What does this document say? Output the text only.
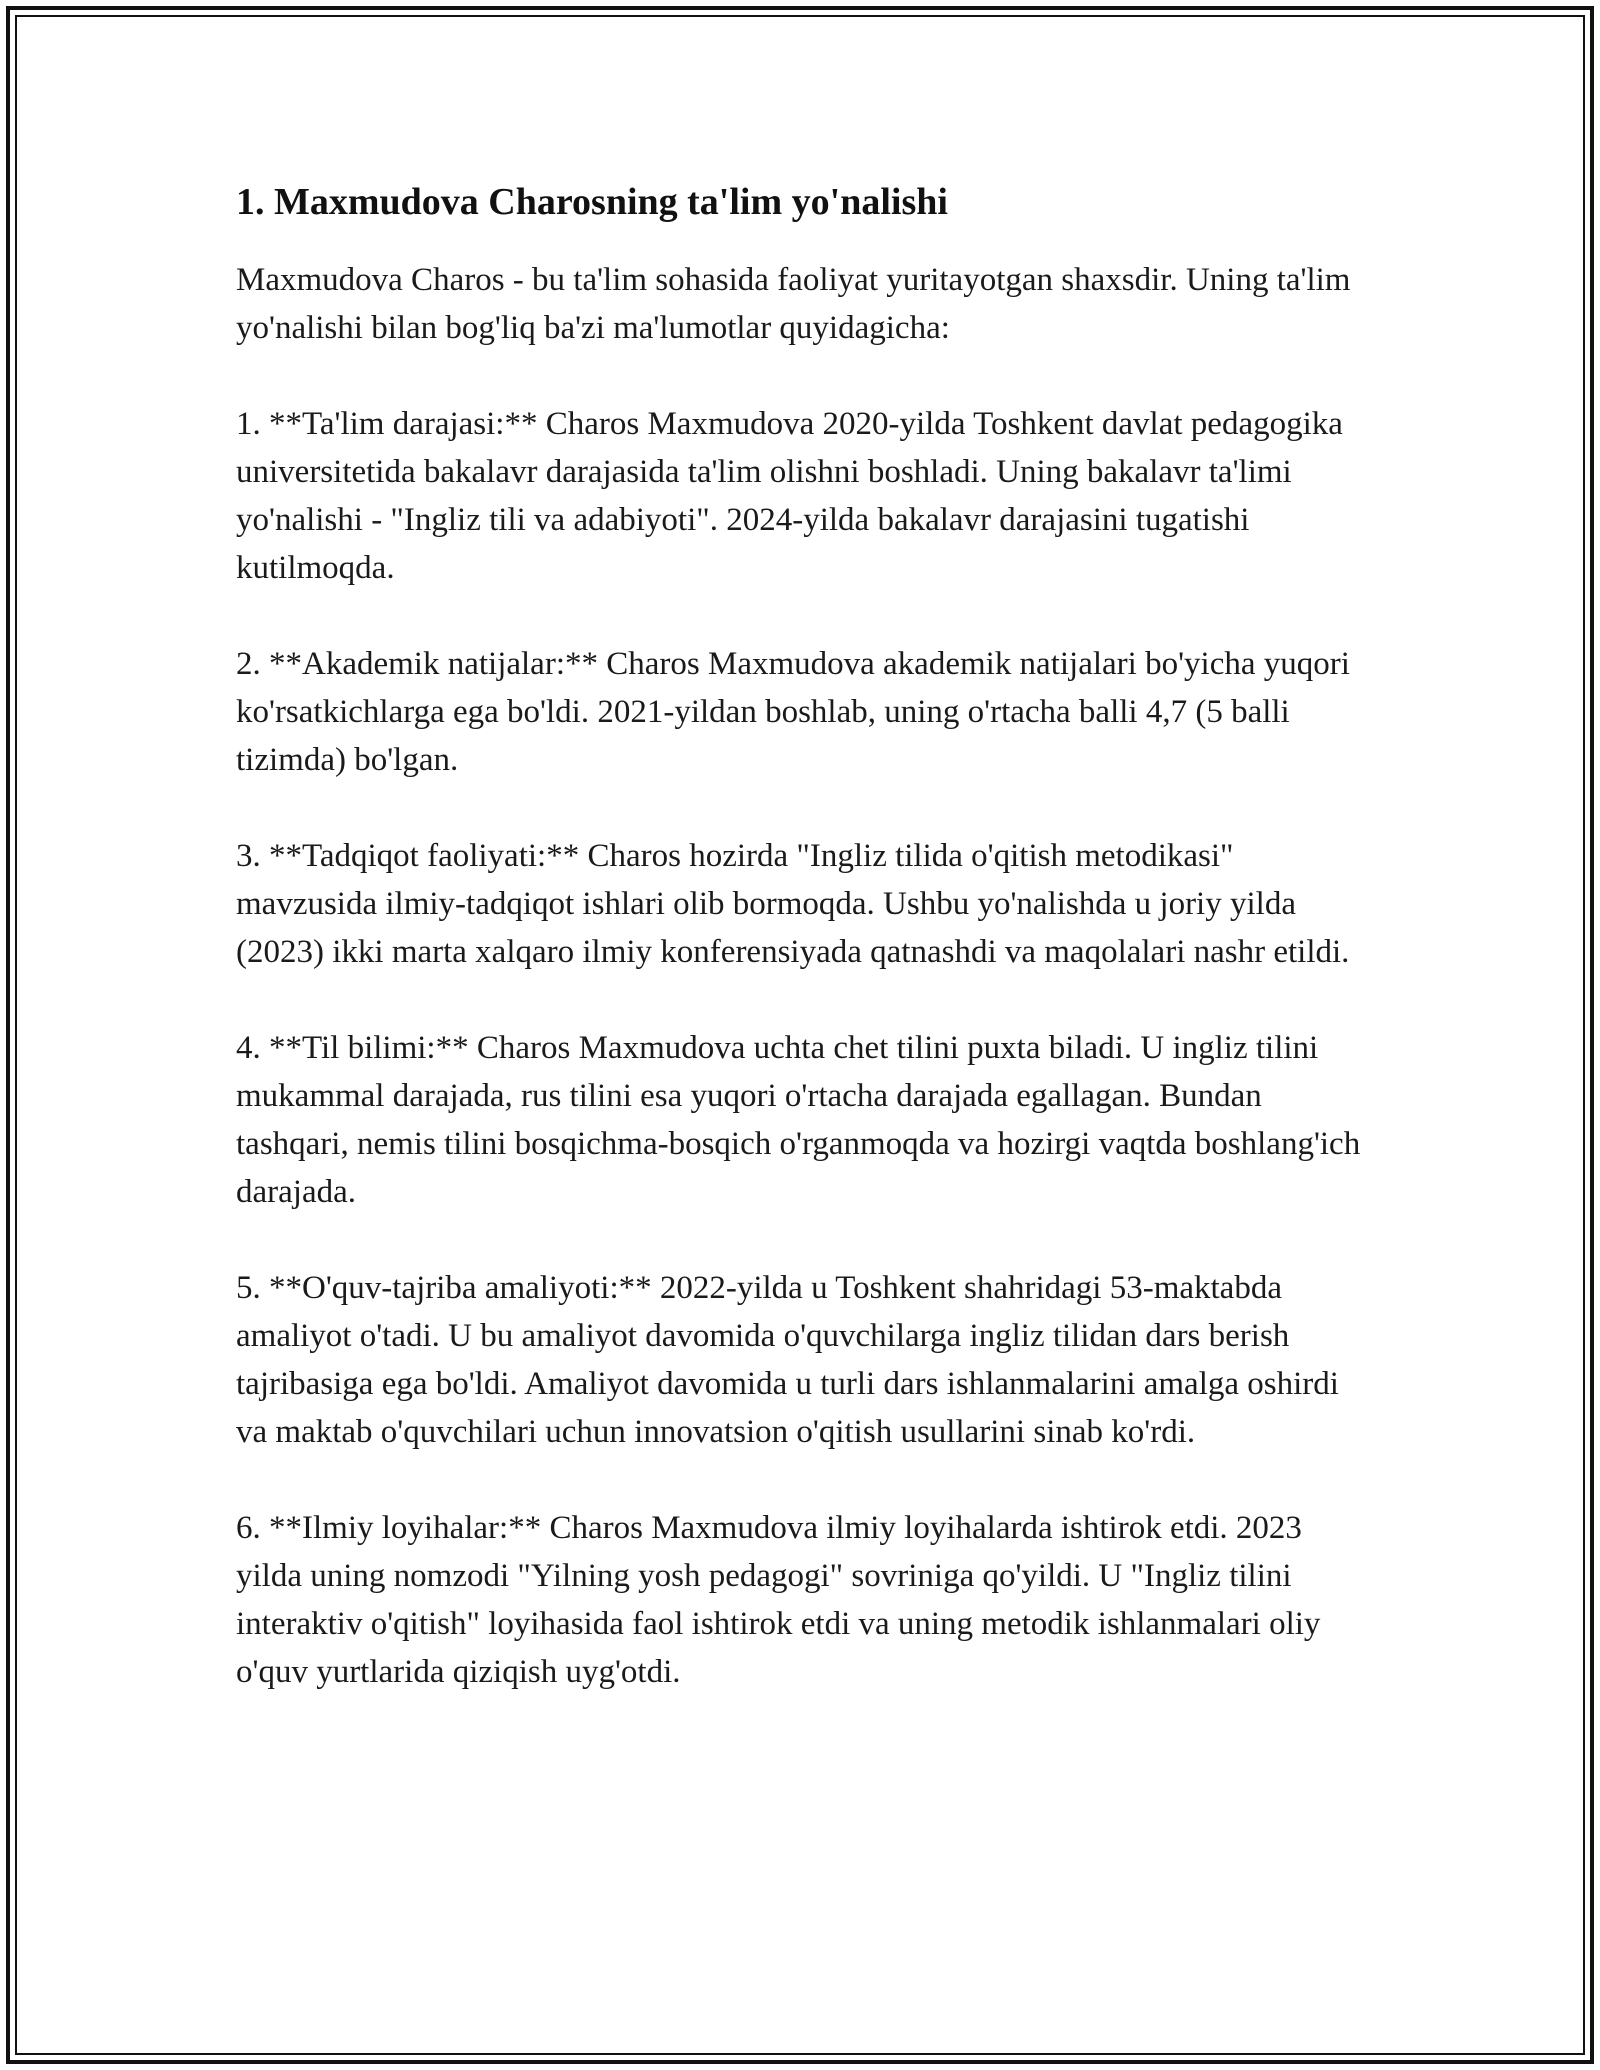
1. Maxmudova Charosning ta'lim yo'nalishi

Maxmudova Charos - bu ta'lim sohasida faoliyat yuritayotgan shaxsdir. Uning ta'lim yo'nalishi bilan bog'liq ba'zi ma'lumotlar quyidagicha:

1. **Ta'lim darajasi:** Charos Maxmudova 2020-yilda Toshkent davlat pedagogika universitetida bakalavr darajasida ta'lim olishni boshladi. Uning bakalavr ta'limi yo'nalishi - "Ingliz tili va adabiyoti". 2024-yilda bakalavr darajasini tugatishi kutilmoqda.

2. **Akademik natijalar:** Charos Maxmudova akademik natijalari bo'yicha yuqori ko'rsatkichlarga ega bo'ldi. 2021-yildan boshlab, uning o'rtacha balli 4,7 (5 balli tizimda) bo'lgan.

3. **Tadqiqot faoliyati:** Charos hozirda "Ingliz tilida o'qitish metodikasi" mavzusida ilmiy-tadqiqot ishlari olib bormoqda. Ushbu yo'nalishda u joriy yilda (2023) ikki marta xalqaro ilmiy konferensiyada qatnashdi va maqolalari nashr etildi.

4. **Til bilimi:** Charos Maxmudova uchta chet tilini puxta biladi. U ingliz tilini mukammal darajada, rus tilini esa yuqori o'rtacha darajada egallagan. Bundan tashqari, nemis tilini bosqichma-bosqich o'rganmoqda va hozirgi vaqtda boshlang'ich darajada.

5. **O'quv-tajriba amaliyoti:** 2022-yilda u Toshkent shahridagi 53-maktabda amaliyot o'tadi. U bu amaliyot davomida o'quvchilarga ingliz tilidan dars berish tajribasiga ega bo'ldi. Amaliyot davomida u turli dars ishlanmalarini amalga oshirdi va maktab o'quvchilari uchun innovatsion o'qitish usullarini sinab ko'rdi.

6. **Ilmiy loyihalar:** Charos Maxmudova ilmiy loyihalarda ishtirok etdi. 2023 yilda uning nomzodi "Yilning yosh pedagogi" sovriniga qo'yildi. U "Ingliz tilini interaktiv o'qitish" loyihasida faol ishtirok etdi va uning metodik ishlanmalari oliy o'quv yurtlarida qiziqish uyg'otdi.
